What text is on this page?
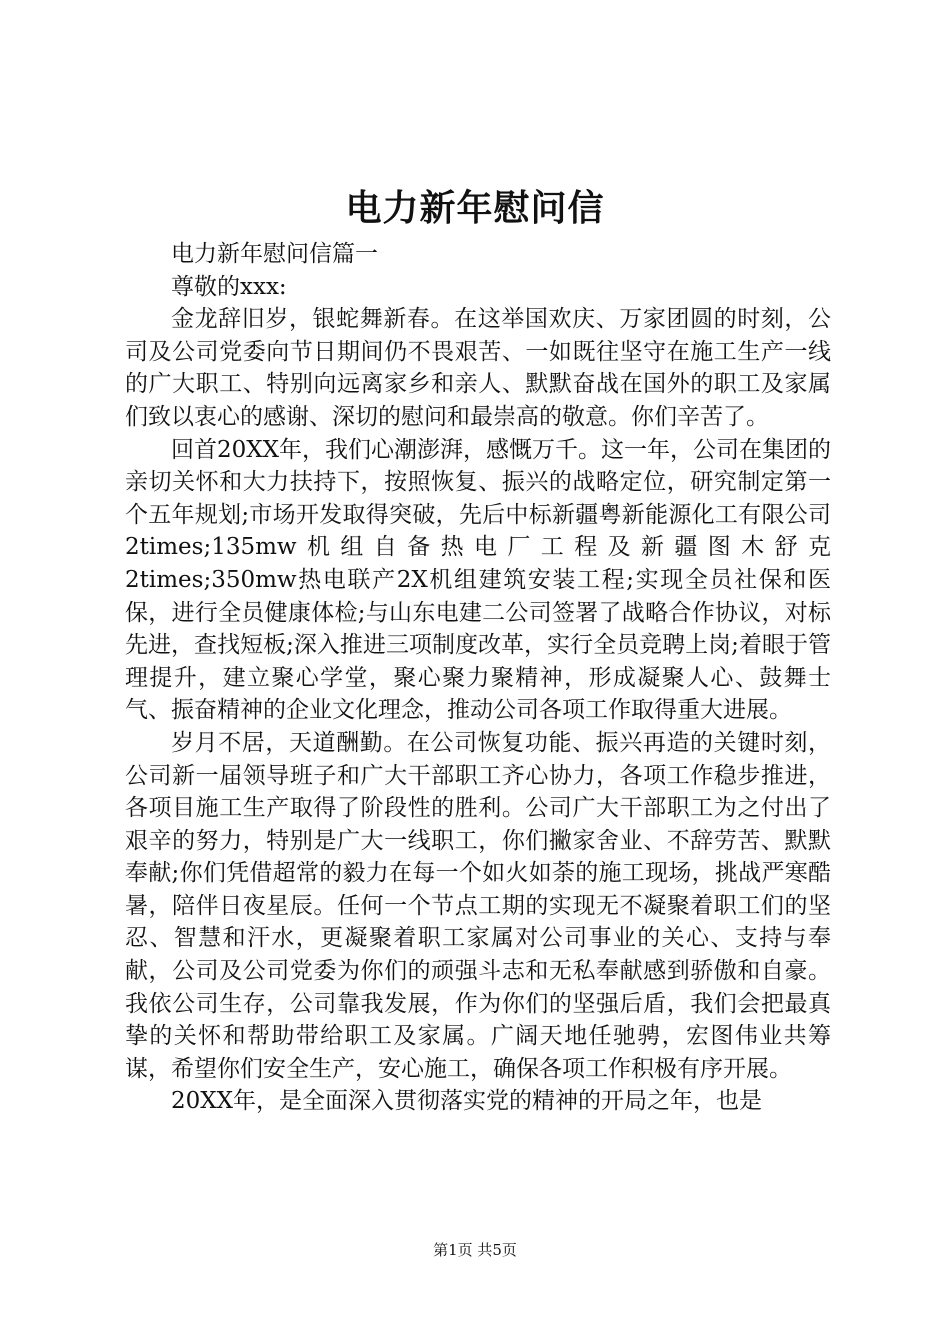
电力新年慰问信

电力新年慰问信篇一

尊敬的xxx:

金龙辞旧岁，银蛇舞新春。在这举国欢庆、万家团圆的时刻，公司及公司党委向节日期间仍不畏艰苦、一如既往坚守在施工生产一线的广大职工、特别向远离家乡和亲人、默默奋战在国外的职工及家属们致以衷心的感谢、深切的慰问和最崇高的敬意。你们辛苦了。

回首20XX年，我们心潮澎湃，感慨万千。这一年，公司在集团的亲切关怀和大力扶持下，按照恢复、振兴的战略定位，研究制定第一个五年规划;市场开发取得突破，先后中标新疆粤新能源化工有限公司2times;135mw机组自备热电厂工程及新疆图木舒克2times;350mw热电联产2X机组建筑安装工程;实现全员社保和医保，进行全员健康体检;与山东电建二公司签署了战略合作协议，对标先进，查找短板;深入推进三项制度改革，实行全员竞聘上岗;着眼于管理提升，建立聚心学堂，聚心聚力聚精神，形成凝聚人心、鼓舞士气、振奋精神的企业文化理念，推动公司各项工作取得重大进展。

岁月不居，天道酬勤。在公司恢复功能、振兴再造的关键时刻，公司新一届领导班子和广大干部职工齐心协力，各项工作稳步推进，各项目施工生产取得了阶段性的胜利。公司广大干部职工为之付出了艰辛的努力，特别是广大一线职工，你们撇家舍业、不辞劳苦、默默奉献;你们凭借超常的毅力在每一个如火如荼的施工现场，挑战严寒酷暑，陪伴日夜星辰。任何一个节点工期的实现无不凝聚着职工们的坚忍、智慧和汗水，更凝聚着职工家属对公司事业的关心、支持与奉献，公司及公司党委为你们的顽强斗志和无私奉献感到骄傲和自豪。我依公司生存，公司靠我发展，作为你们的坚强后盾，我们会把最真挚的关怀和帮助带给职工及家属。广阔天地任驰骋，宏图伟业共筹谋，希望你们安全生产，安心施工，确保各项工作积极有序开展。

20XX年，是全面深入贯彻落实党的精神的开局之年，也是

第1页 共5页
